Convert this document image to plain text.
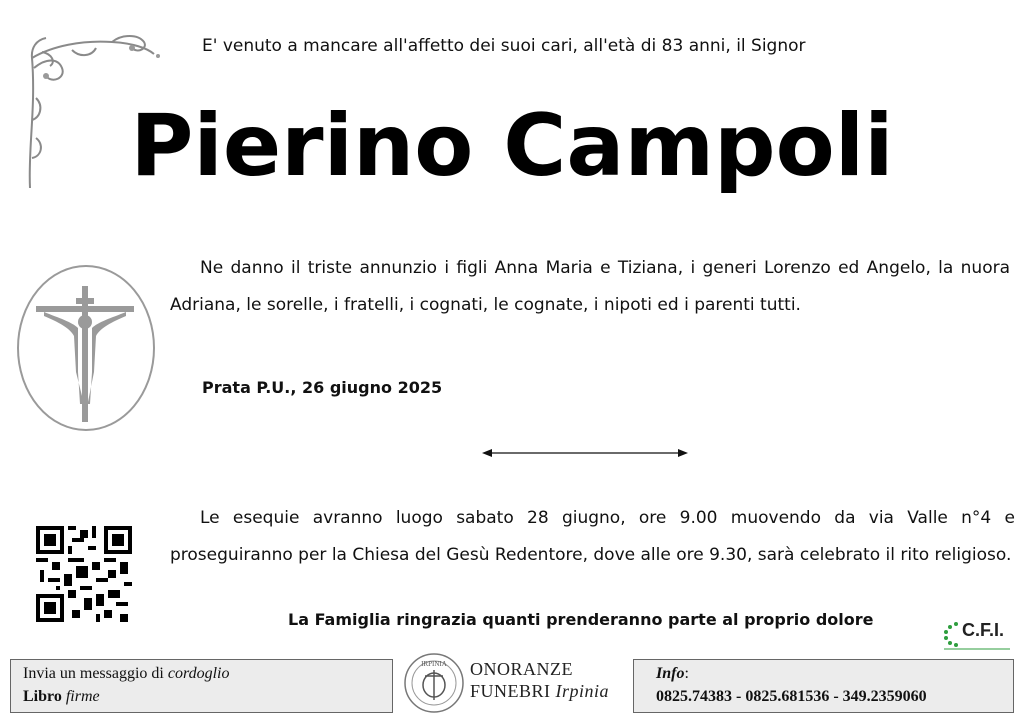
E' venuto a mancare all'affetto dei suoi cari, all'età di 83 anni, il Signor
Pierino Campoli
Ne danno il triste annunzio i figli Anna Maria e Tiziana, i generi Lorenzo ed Angelo, la nuora Adriana, le sorelle, i fratelli, i cognati, le cognate, i nipoti ed i parenti tutti.
Prata P.U., 26 giugno 2025
Le esequie avranno luogo sabato 28 giugno, ore 9.00 muovendo da via Valle n°4 e proseguiranno per la Chiesa del Gesù Redentore, dove alle ore 9.30, sarà celebrato il rito religioso.
La Famiglia ringrazia quanti prenderanno parte al proprio dolore
C.F.I.
Invia un messaggio di cordoglio
Libro firme
IRPINIA ONORANZE
FUNEBRI Irpinia
Info:
0825.74383 - 0825.681536 - 349.2359060
